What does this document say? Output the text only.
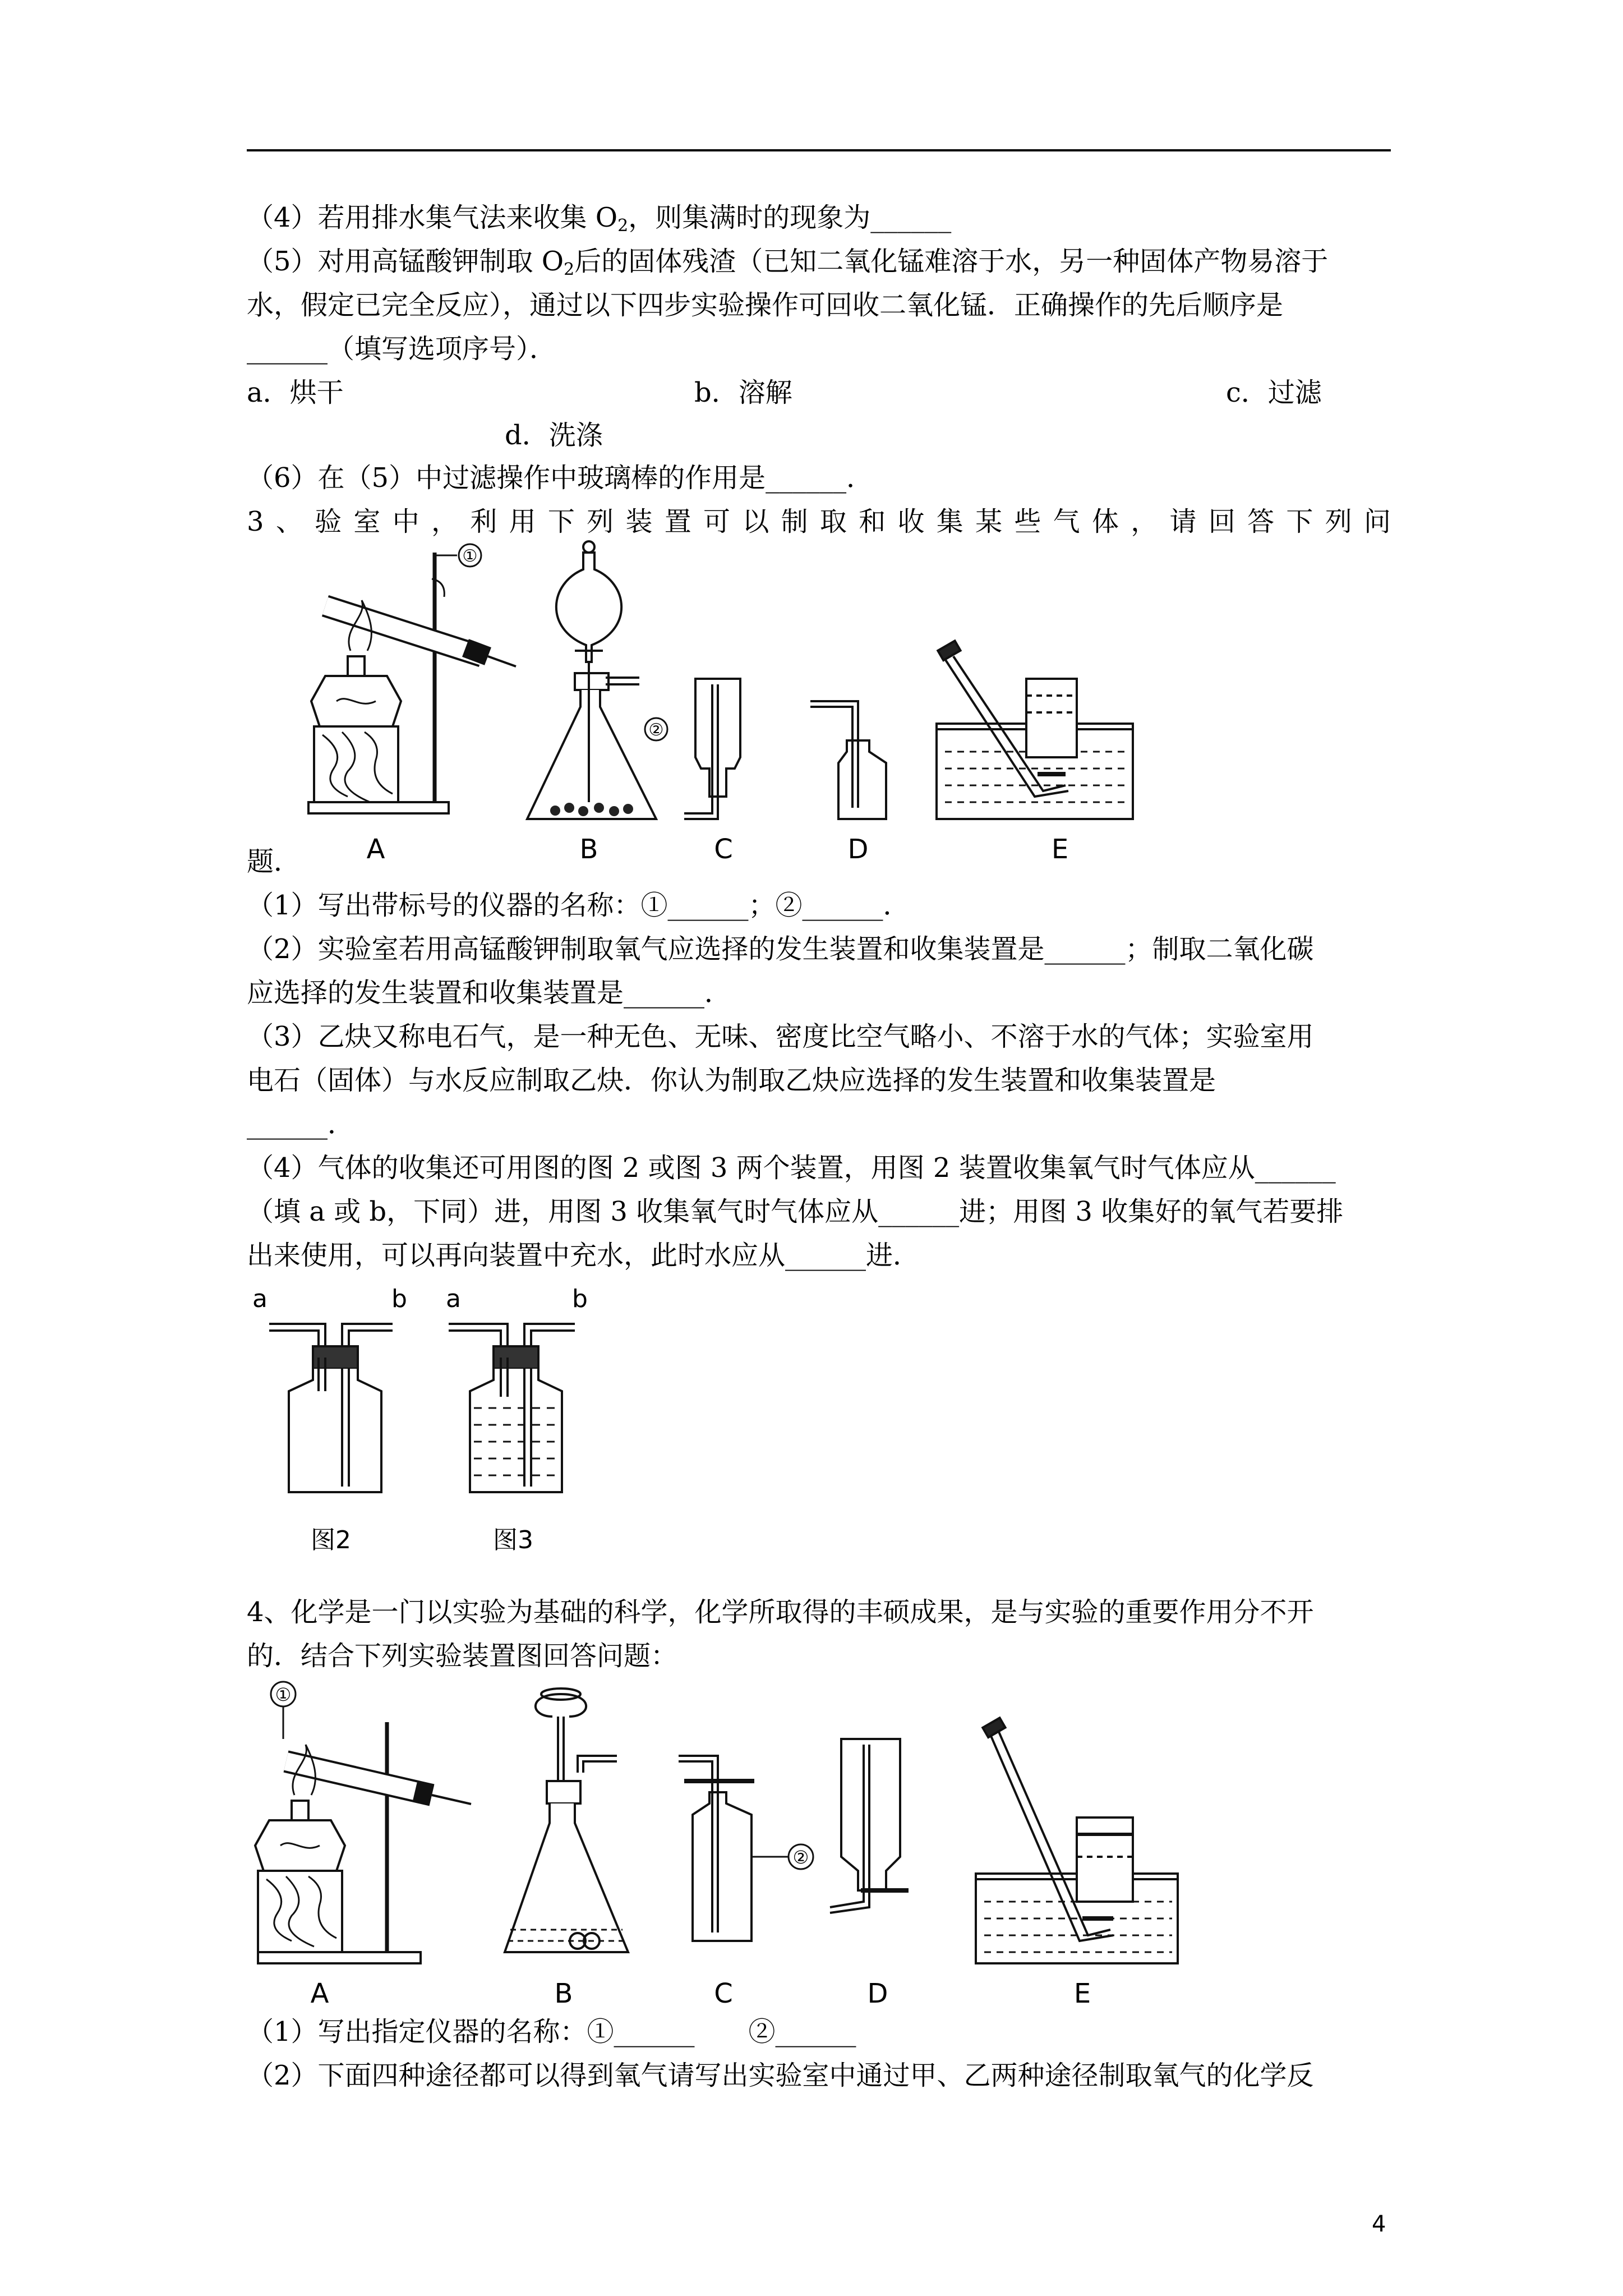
（4）若用排水集气法来收集 $O_2$，则集满时的现象为______
（5）对用高锰酸钾制取 $O_2$后的固体残渣（已知二氧化锰难溶于水，另一种固体产物易溶于
水，假定已完全反应），通过以下四步实验操作可回收二氧化锰．正确操作的先后顺序是
______（填写选项序号）．
a．烘干	b．溶解	c．过滤
d．洗涤
（6）在（5）中过滤操作中玻璃棒的作用是______．
3、验室中，利用下列装置可以制取和收集某些气体，请回答下列问
①
②
A	B	C	D	E
题．
（1）写出带标号的仪器的名称：①______；②______．
（2）实验室若用高锰酸钾制取氧气应选择的发生装置和收集装置是______；制取二氧化碳
应选择的发生装置和收集装置是______．
（3）乙炔又称电石气，是一种无色、无味、密度比空气略小、不溶于水的气体；实验室用
电石（固体）与水反应制取乙炔．你认为制取乙炔应选择的发生装置和收集装置是
______．
（4）气体的收集还可用图的图 2 或图 3 两个装置，用图 2 装置收集氧气时气体应从______
（填 a 或 b，下同）进，用图 3 收集氧气时气体应从______进；用图 3 收集好的氧气若要排
出来使用，可以再向装置中充水，此时水应从______进．
a	b a	b
图2	图3
4、化学是一门以实验为基础的科学，化学所取得的丰硕成果，是与实验的重要作用分不开
的．结合下列实验装置图回答问题：
①
②
A	B	C	D	E
（1）写出指定仪器的名称：①______　　②______
（2）下面四种途径都可以得到氧气请写出实验室中通过甲、乙两种途径制取氧气的化学反
4
